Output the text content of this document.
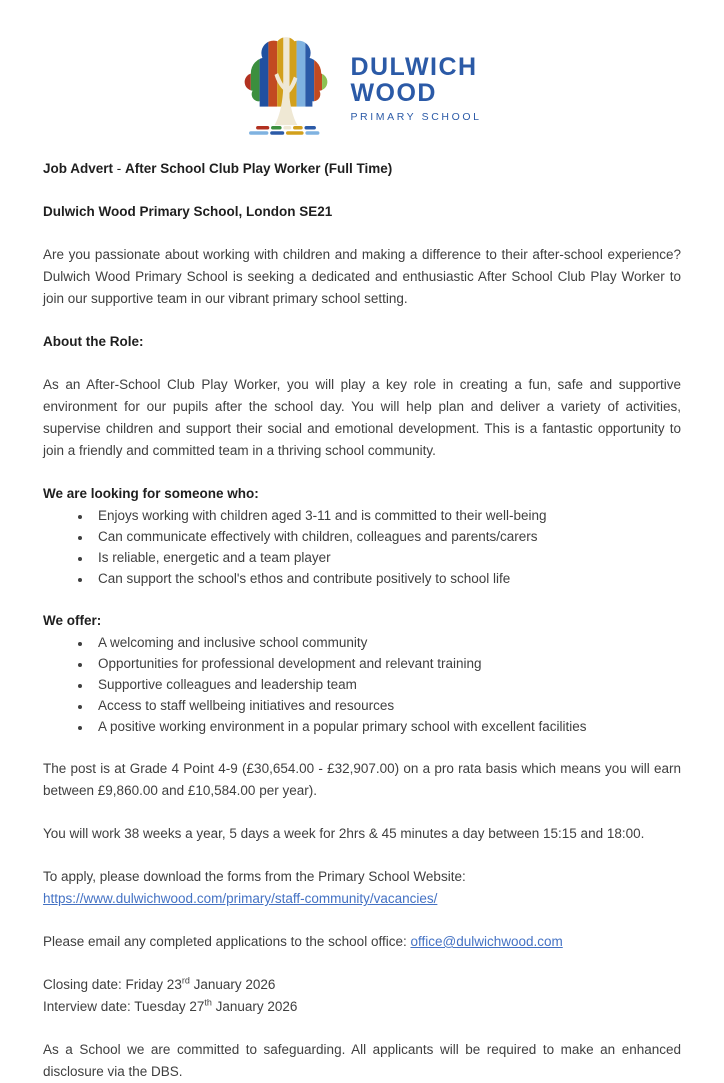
DULWICH
WOOD
PRIMARY SCHOOL

Job Advert - After School Club Play Worker (Full Time)

Dulwich Wood Primary School, London SE21

Are you passionate about working with children and making a difference to their after-school experience? Dulwich Wood Primary School is seeking a dedicated and enthusiastic After School Club Play Worker to join our supportive team in our vibrant primary school setting.

About the Role:

As an After-School Club Play Worker, you will play a key role in creating a fun, safe and supportive environment for our pupils after the school day. You will help plan and deliver a variety of activities, supervise children and support their social and emotional development. This is a fantastic opportunity to join a friendly and committed team in a thriving school community.

We are looking for someone who:

• Enjoys working with children aged 3-11 and is committed to their well-being
• Can communicate effectively with children, colleagues and parents/carers
• Is reliable, energetic and a team player
• Can support the school's ethos and contribute positively to school life

We offer:

• A welcoming and inclusive school community
• Opportunities for professional development and relevant training
• Supportive colleagues and leadership team
• Access to staff wellbeing initiatives and resources
• A positive working environment in a popular primary school with excellent facilities

The post is at Grade 4 Point 4-9 (£30,654.00 - £32,907.00) on a pro rata basis which means you will earn between £9,860.00 and £10,584.00 per year).

You will work 38 weeks a year, 5 days a week for 2hrs & 45 minutes a day between 15:15 and 18:00.

To apply, please download the forms from the Primary School Website:

https://www.dulwichwood.com/primary/staff-community/vacancies/

Please email any completed applications to the school office: office@dulwichwood.com

Closing date: Friday 23rd January 2026
Interview date: Tuesday 27th January 2026

As a School we are committed to safeguarding. All applicants will be required to make an enhanced disclosure via the DBS.
